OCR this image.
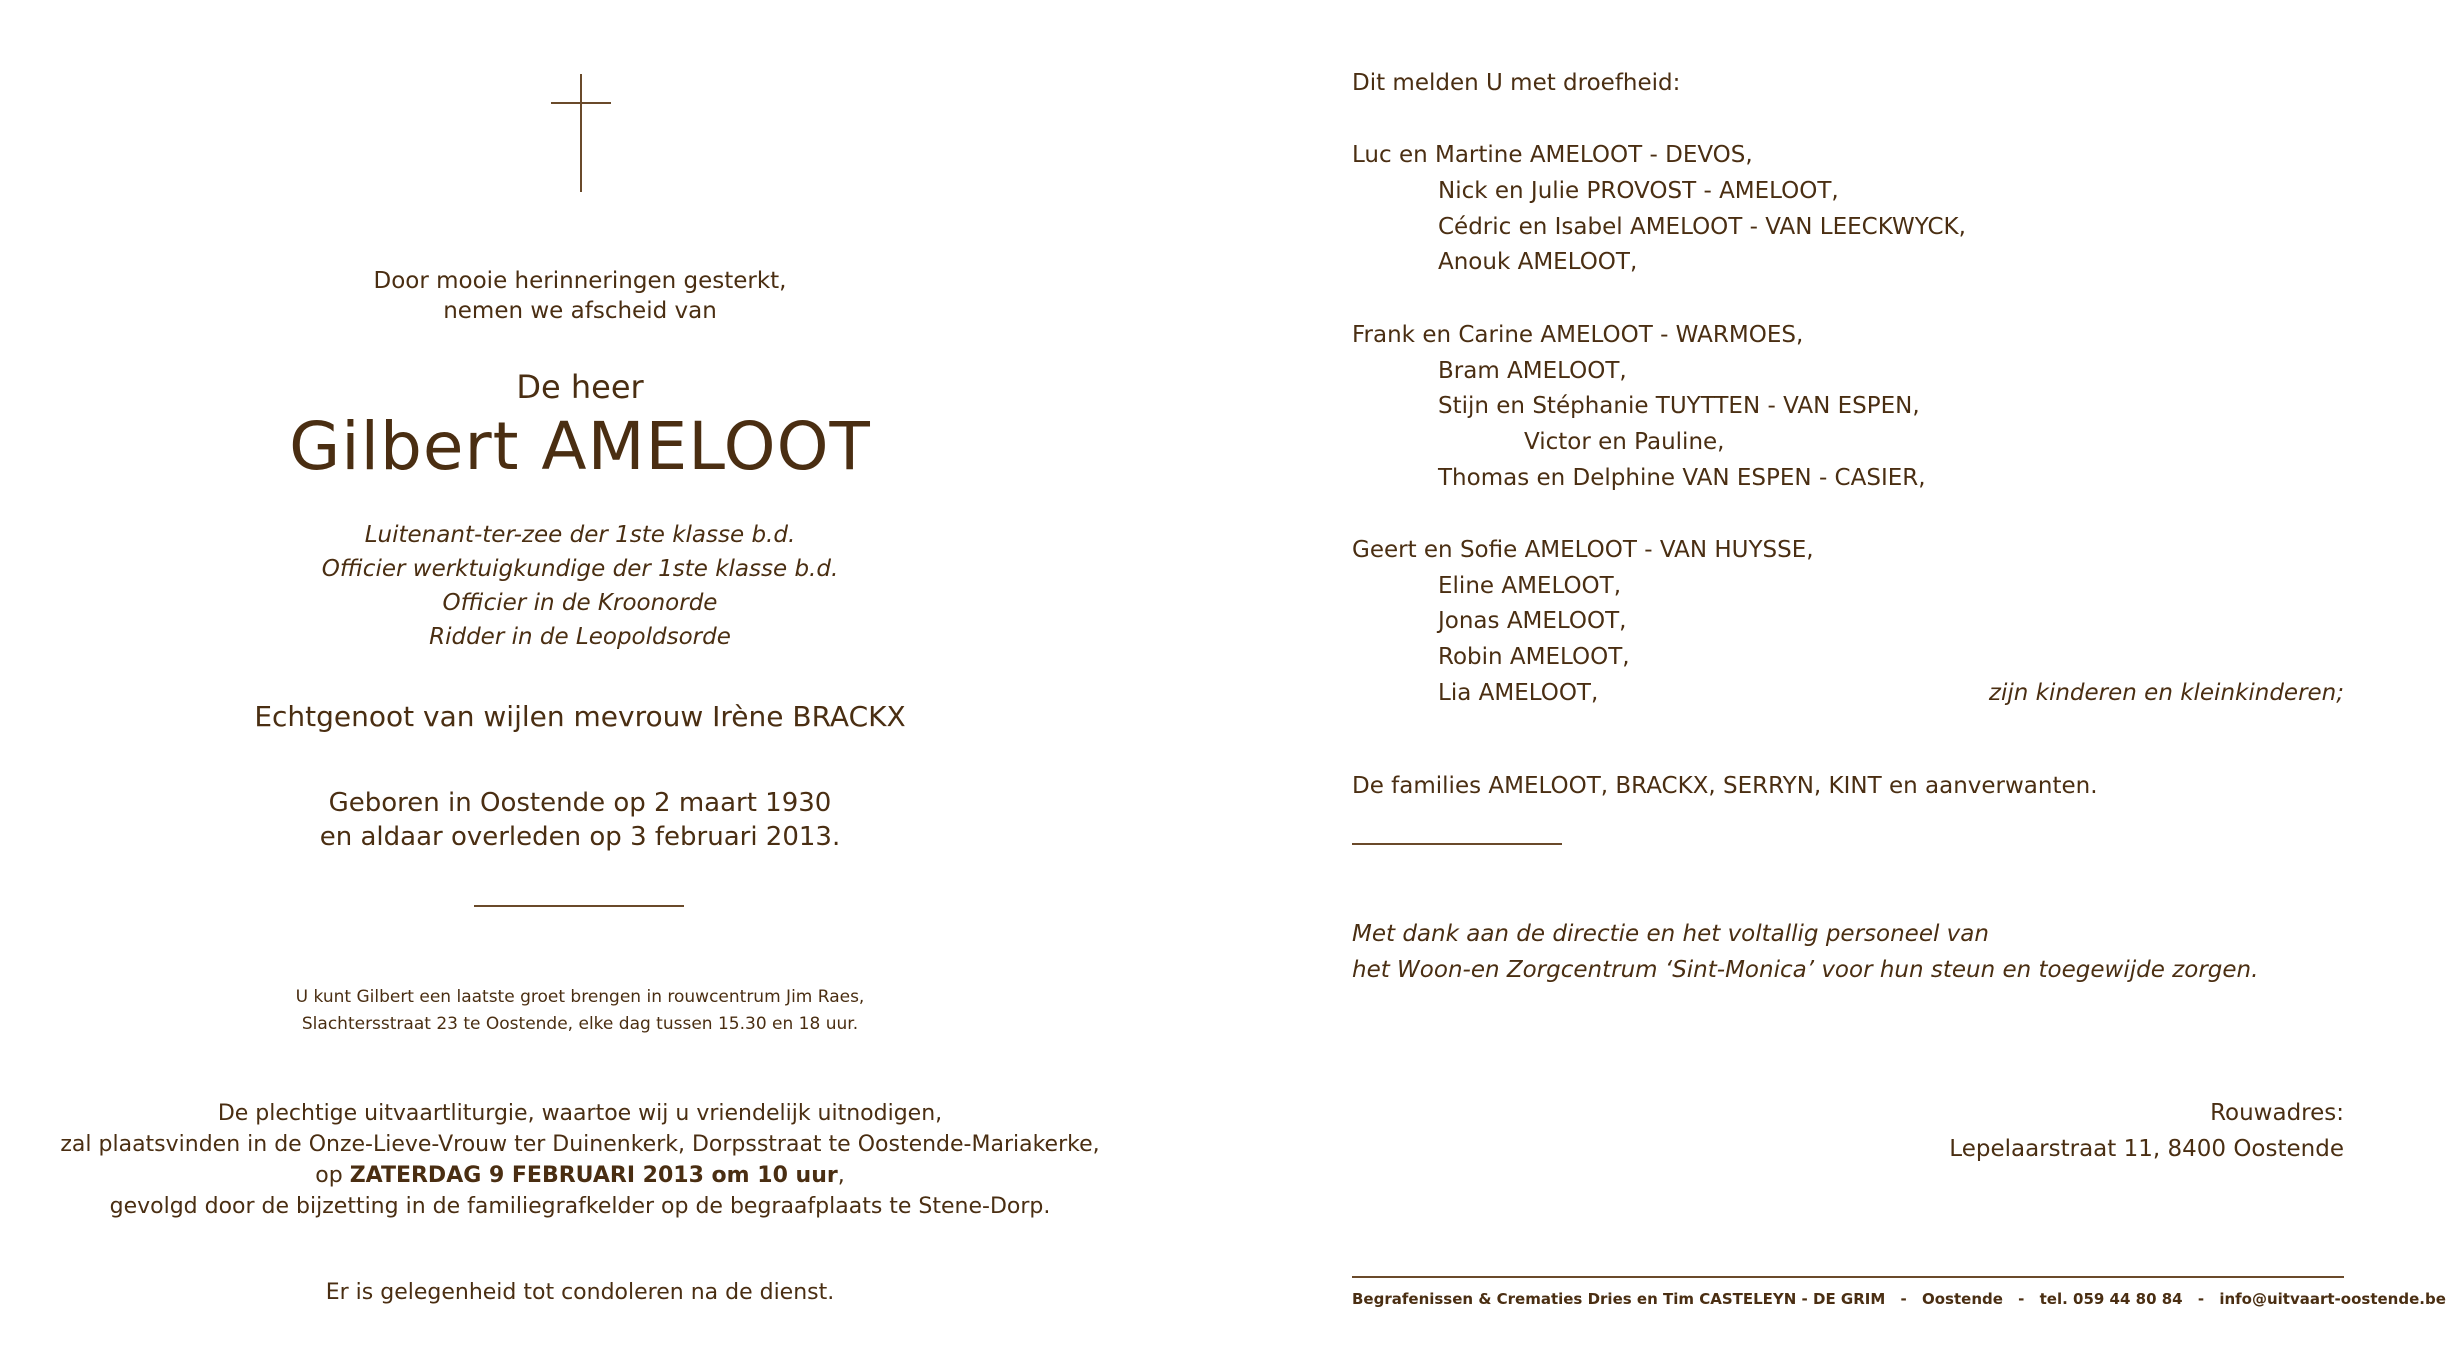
Door mooie herinneringen gesterkt,
nemen we afscheid van
De heer
Gilbert AMELOOT
Luitenant-ter-zee der 1ste klasse b.d.
Officier werktuigkundige der 1ste klasse b.d.
Officier in de Kroonorde
Ridder in de Leopoldsorde
Echtgenoot van wijlen mevrouw Irène BRACKX
Geboren in Oostende op 2 maart 1930
en aldaar overleden op 3 februari 2013.
U kunt Gilbert een laatste groet brengen in rouwcentrum Jim Raes,
Slachtersstraat 23 te Oostende, elke dag tussen 15.30 en 18 uur.
De plechtige uitvaartliturgie, waartoe wij u vriendelijk uitnodigen,
zal plaatsvinden in de Onze-Lieve-Vrouw ter Duinenkerk, Dorpsstraat te Oostende-Mariakerke,
op ZATERDAG 9 FEBRUARI 2013 om 10 uur,
gevolgd door de bijzetting in de familiegrafkelder op de begraafplaats te Stene-Dorp.
Er is gelegenheid tot condoleren na de dienst.
Dit melden U met droefheid:
Luc en Martine AMELOOT - DEVOS,
Nick en Julie PROVOST - AMELOOT,
Cédric en Isabel AMELOOT - VAN LEECKWYCK,
Anouk AMELOOT,
Frank en Carine AMELOOT - WARMOES,
Bram AMELOOT,
Stijn en Stéphanie TUYTTEN - VAN ESPEN,
Victor en Pauline,
Thomas en Delphine VAN ESPEN - CASIER,
Geert en Sofie AMELOOT - VAN HUYSSE,
Eline AMELOOT,
Jonas AMELOOT,
Robin AMELOOT,
Lia AMELOOT,	zijn kinderen en kleinkinderen;
De families AMELOOT, BRACKX, SERRYN, KINT en aanverwanten.
Met dank aan de directie en het voltallig personeel van
het Woon-en Zorgcentrum ‘Sint-Monica’ voor hun steun en toegewijde zorgen.
Rouwadres:
Lepelaarstraat 11, 8400 Oostende
Begrafenissen & Crematies Dries en Tim CASTELEYN - DE GRIM - Oostende - tel. 059 44 80 84 - info@uitvaart-oostende.be
